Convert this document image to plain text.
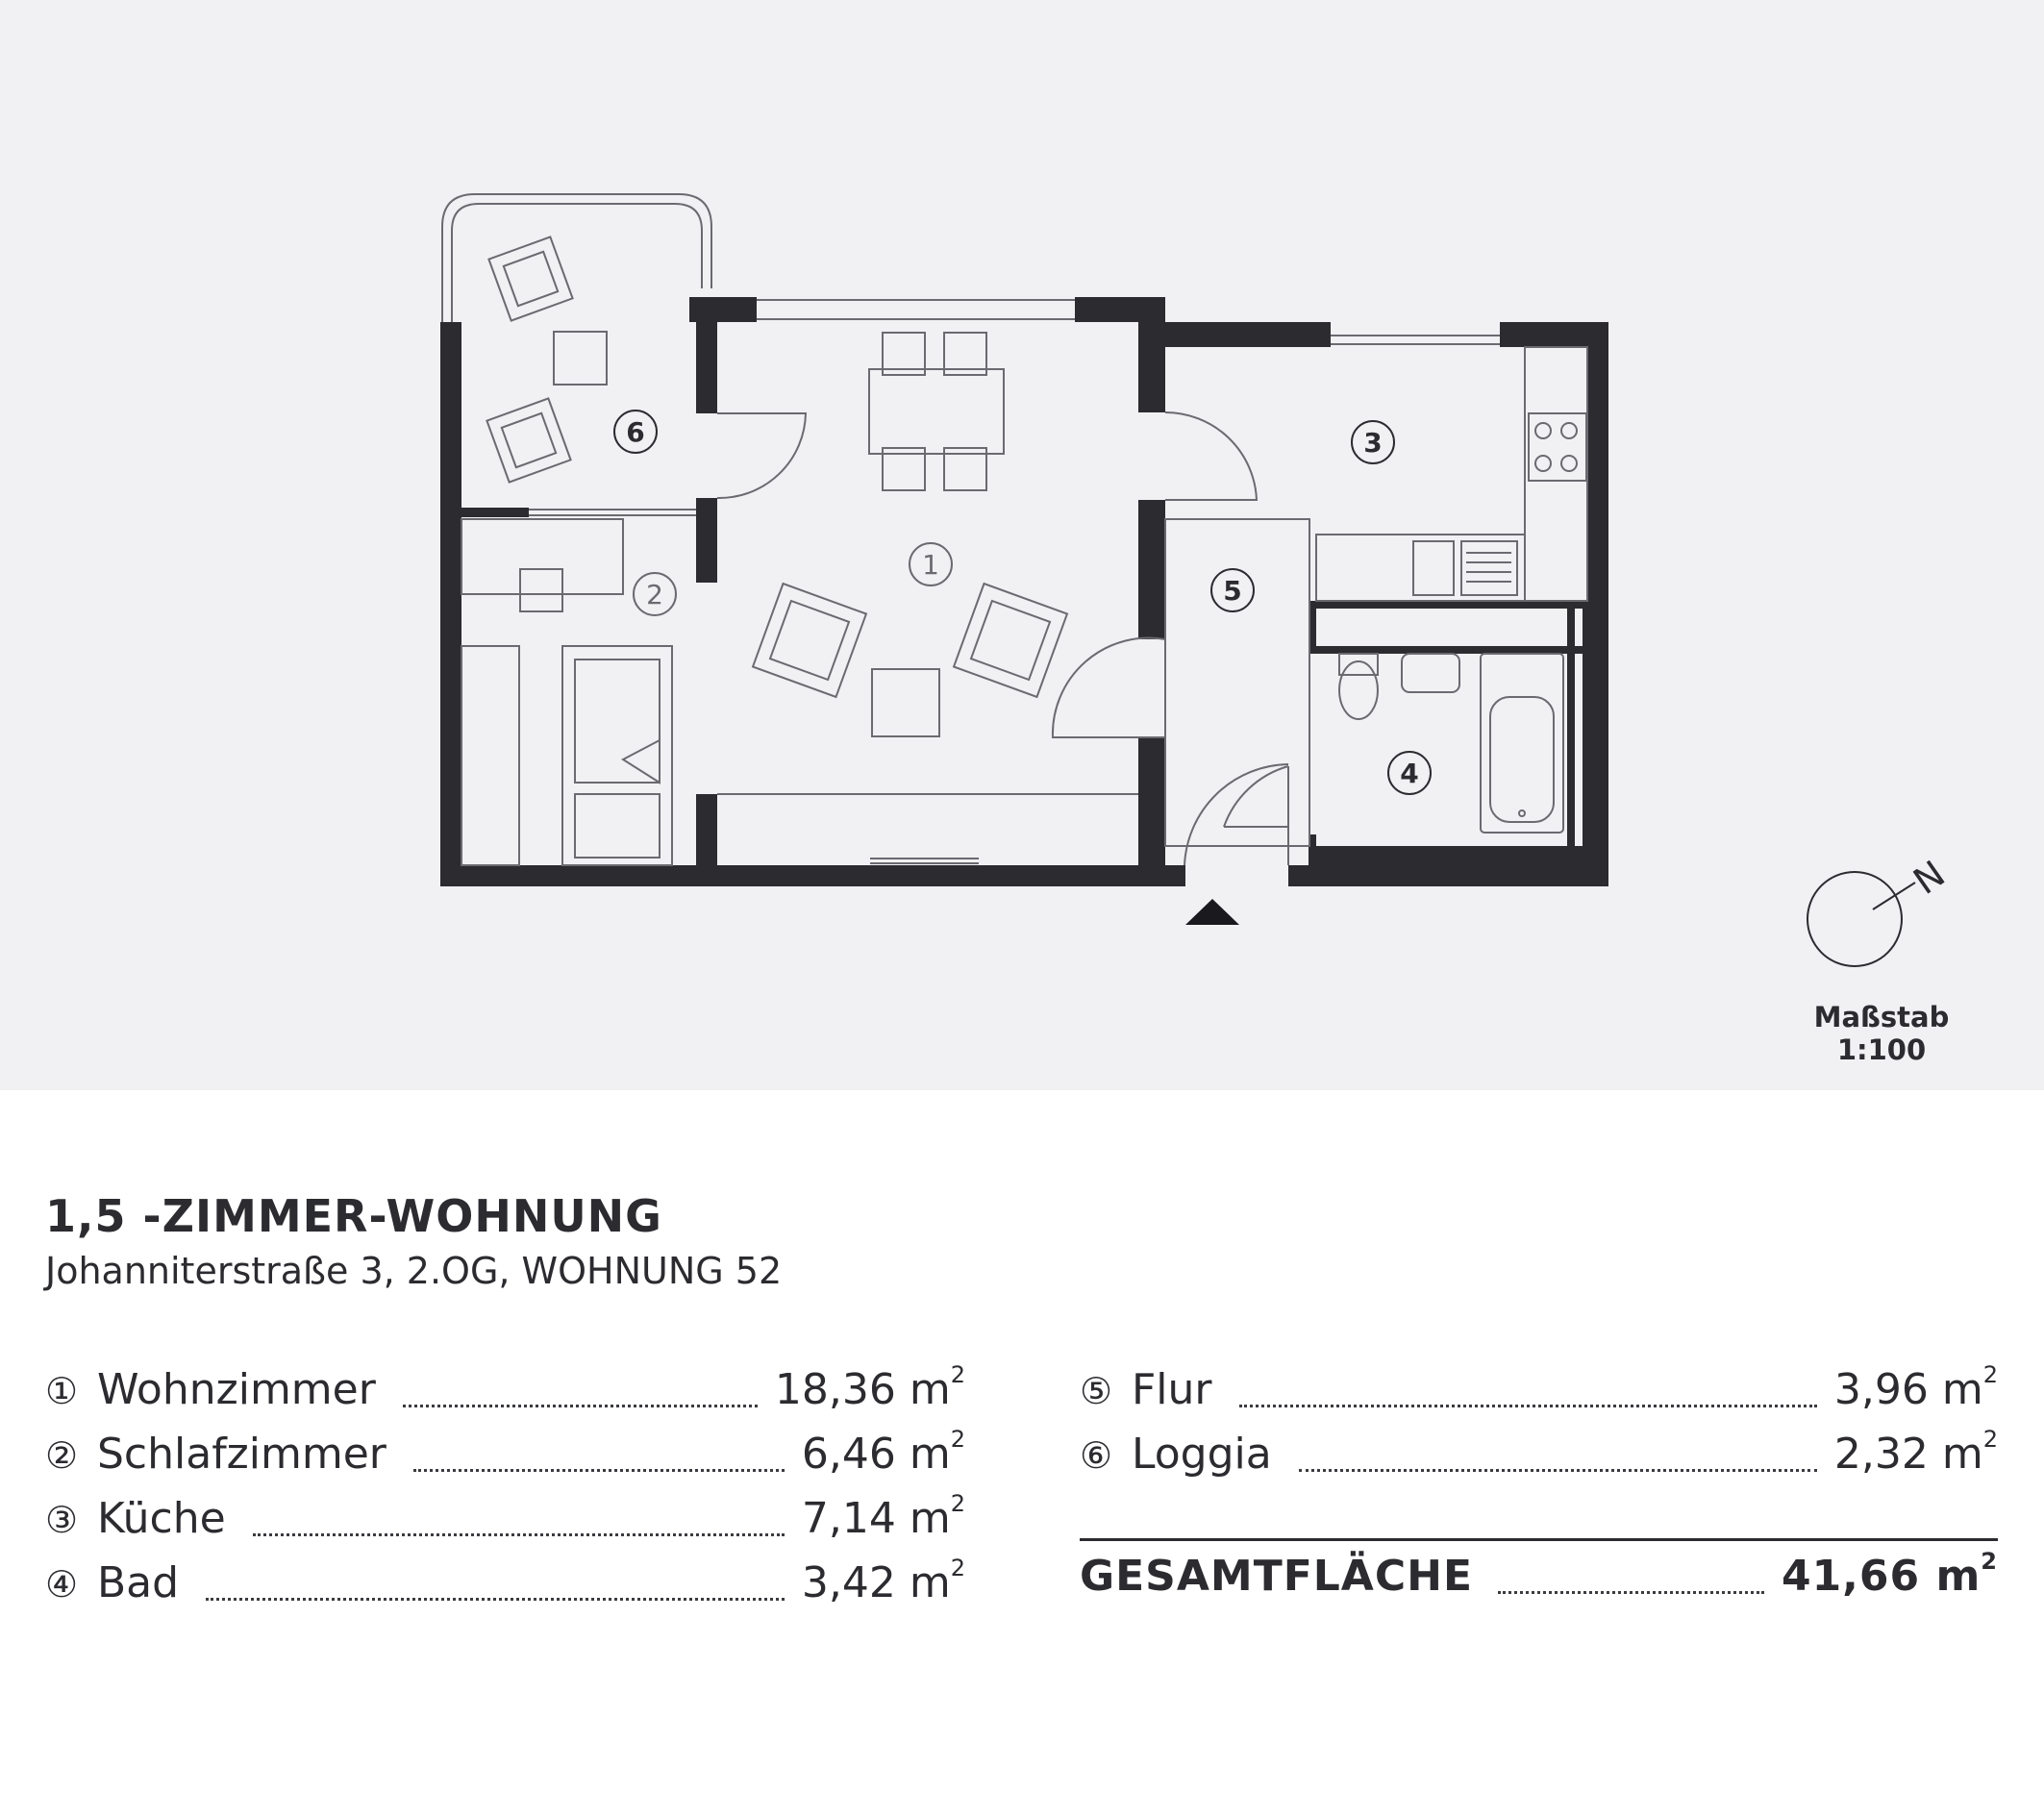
1
2
3
4
5
6
N
Maßstab 1:100
1,5 -ZIMMER-WOHNUNG
Johanniterstraße 3, 2.OG, WOHNUNG 52
① Wohnzimmer	18,36 $m^2$
② Schlafzimmer	6,46 $m^2$
③ Küche	7,14 $m^2$
④ Bad	3,42 $m^2$
⑤ Flur	3,96 $m^2$
⑥ Loggia	2,32 $m^2$
GESAMTFLÄCHE	41,66 $m^2$
